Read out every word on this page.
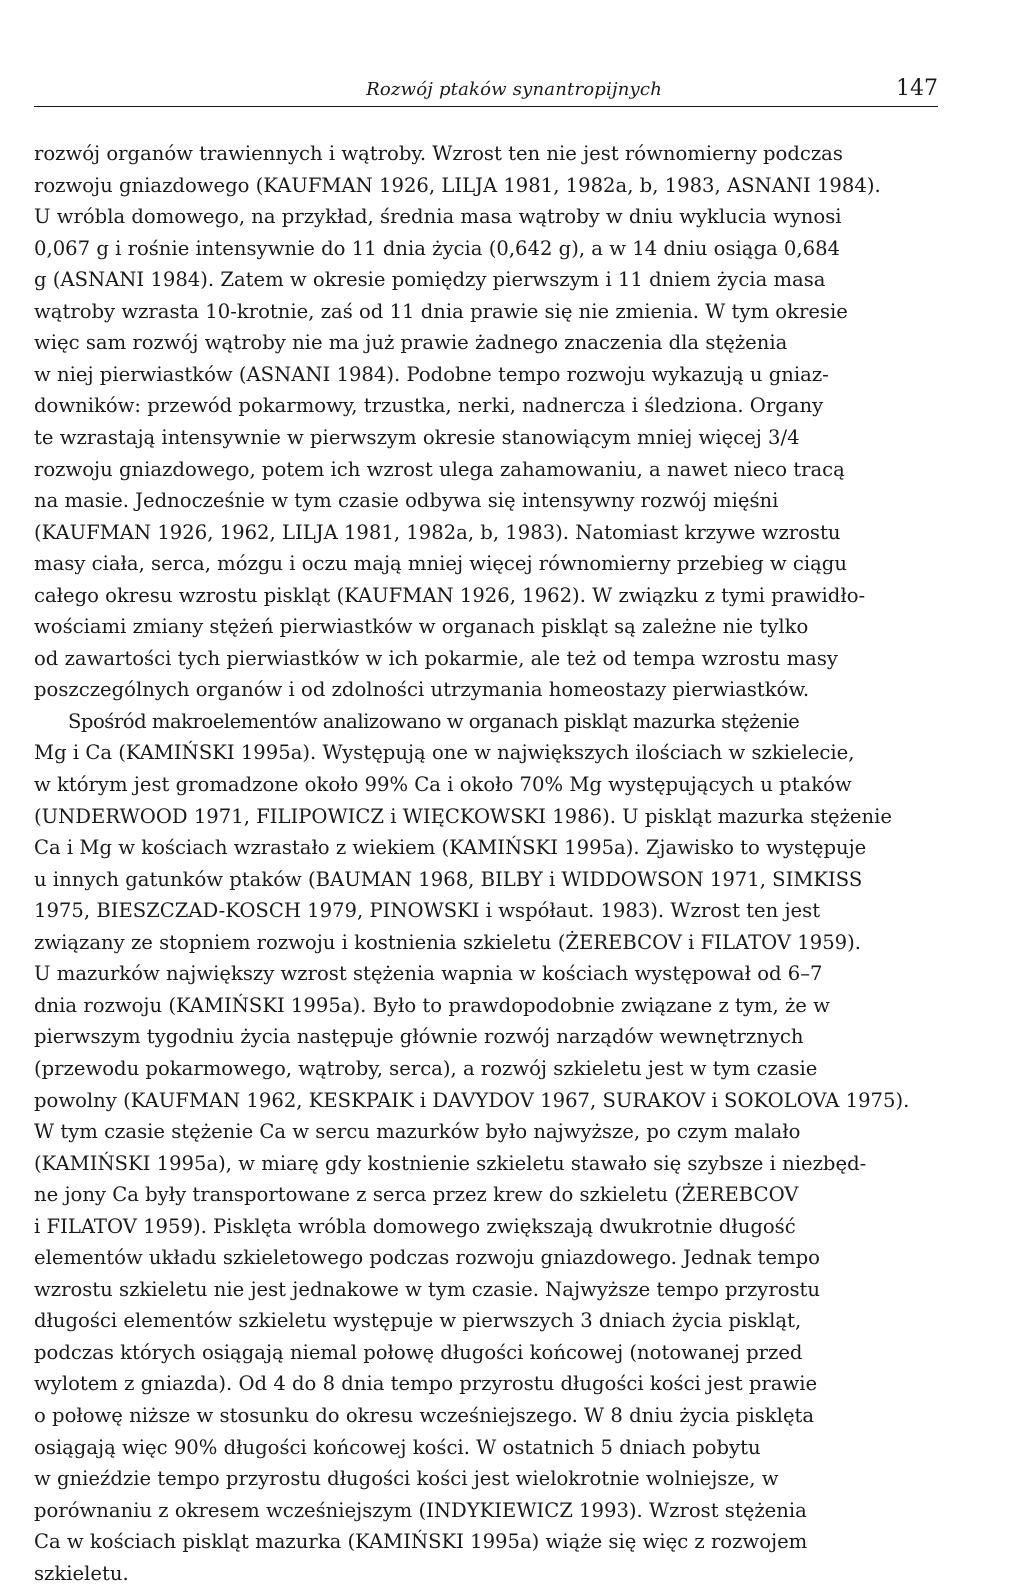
Rozwój ptaków synantropijnych	147
rozwój organów trawiennych i wątroby. Wzrost ten nie jest równomierny podczas
rozwoju gniazdowego (KAUFMAN 1926, LILJA 1981, 1982a, b, 1983, ASNANI 1984).
U wróbla domowego, na przykład, średnia masa wątroby w dniu wyklucia wynosi
0,067 g i rośnie intensywnie do 11 dnia życia (0,642 g), a w 14 dniu osiąga 0,684
g (ASNANI 1984). Zatem w okresie pomiędzy pierwszym i 11 dniem życia masa
wątroby wzrasta 10-krotnie, zaś od 11 dnia prawie się nie zmienia. W tym okresie
więc sam rozwój wątroby nie ma już prawie żadnego znaczenia dla stężenia
w niej pierwiastków (ASNANI 1984). Podobne tempo rozwoju wykazują u gniaz-
downików: przewód pokarmowy, trzustka, nerki, nadnercza i śledziona. Organy
te wzrastają intensywnie w pierwszym okresie stanowiącym mniej więcej 3/4
rozwoju gniazdowego, potem ich wzrost ulega zahamowaniu, a nawet nieco tracą
na masie. Jednocześnie w tym czasie odbywa się intensywny rozwój mięśni
(KAUFMAN 1926, 1962, LILJA 1981, 1982a, b, 1983). Natomiast krzywe wzrostu
masy ciała, serca, mózgu i oczu mają mniej więcej równomierny przebieg w ciągu
całego okresu wzrostu piskląt (KAUFMAN 1926, 1962). W związku z tymi prawidło-
wościami zmiany stężeń pierwiastków w organach piskląt są zależne nie tylko
od zawartości tych pierwiastków w ich pokarmie, ale też od tempa wzrostu masy
poszczególnych organów i od zdolności utrzymania homeostazy pierwiastków.
Spośród makroelementów analizowano w organach piskląt mazurka stężenie
Mg i Ca (KAMIŃSKI 1995a). Występują one w największych ilościach w szkielecie,
w którym jest gromadzone około 99% Ca i około 70% Mg występujących u ptaków
(UNDERWOOD 1971, FILIPOWICZ i WIĘCKOWSKI 1986). U piskląt mazurka stężenie
Ca i Mg w kościach wzrastało z wiekiem (KAMIŃSKI 1995a). Zjawisko to występuje
u innych gatunków ptaków (BAUMAN 1968, BILBY i WIDDOWSON 1971, SIMKISS
1975, BIESZCZAD-KOSCH 1979, PINOWSKI i współaut. 1983). Wzrost ten jest
związany ze stopniem rozwoju i kostnienia szkieletu (ŻEREBCOV i FILATOV 1959).
U mazurków największy wzrost stężenia wapnia w kościach występował od 6–7
dnia rozwoju (KAMIŃSKI 1995a). Było to prawdopodobnie związane z tym, że w
pierwszym tygodniu życia następuje głównie rozwój narządów wewnętrznych
(przewodu pokarmowego, wątroby, serca), a rozwój szkieletu jest w tym czasie
powolny (KAUFMAN 1962, KESKPAIK i DAVYDOV 1967, SURAKOV i SOKOLOVA 1975).
W tym czasie stężenie Ca w sercu mazurków było najwyższe, po czym malało
(KAMIŃSKI 1995a), w miarę gdy kostnienie szkieletu stawało się szybsze i niezbęd-
ne jony Ca były transportowane z serca przez krew do szkieletu (ŻEREBCOV
i FILATOV 1959). Pisklęta wróbla domowego zwiększają dwukrotnie długość
elementów układu szkieletowego podczas rozwoju gniazdowego. Jednak tempo
wzrostu szkieletu nie jest jednakowe w tym czasie. Najwyższe tempo przyrostu
długości elementów szkieletu występuje w pierwszych 3 dniach życia piskląt,
podczas których osiągają niemal połowę długości końcowej (notowanej przed
wylotem z gniazda). Od 4 do 8 dnia tempo przyrostu długości kości jest prawie
o połowę niższe w stosunku do okresu wcześniejszego. W 8 dniu życia pisklęta
osiągają więc 90% długości końcowej kości. W ostatnich 5 dniach pobytu
w gnieździe tempo przyrostu długości kości jest wielokrotnie wolniejsze, w
porównaniu z okresem wcześniejszym (INDYKIEWICZ 1993). Wzrost stężenia
Ca w kościach piskląt mazurka (KAMIŃSKI 1995a) wiąże się więc z rozwojem
szkieletu.
